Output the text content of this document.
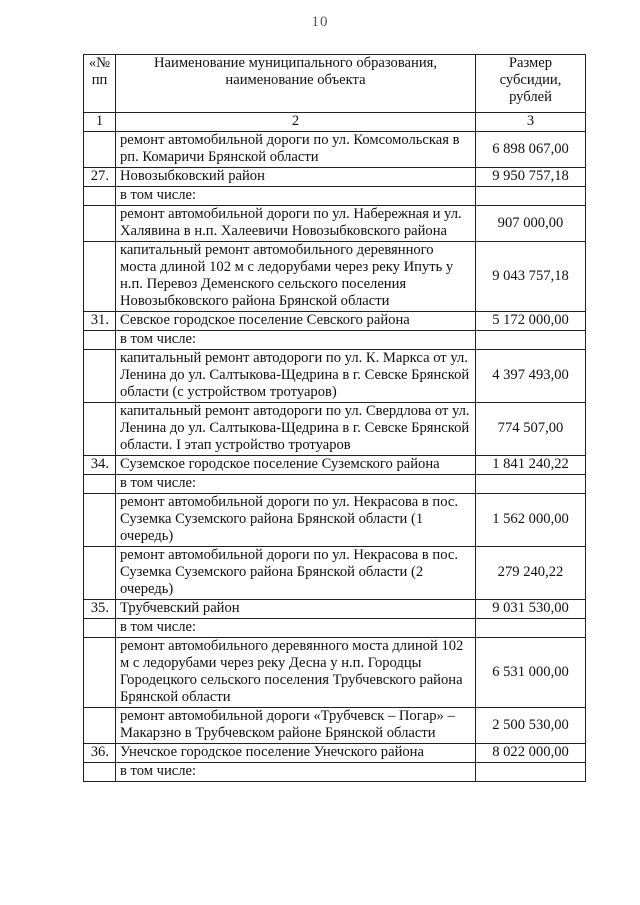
10
«№ пп	Наименование муниципального образования, наименование объекта	Размер субсидии, рублей
1	2	3
	ремонт автомобильной дороги по ул. Комсомольская в рп. Комаричи Брянской области	6 898 067,00
27.	Новозыбковский район	9 950 757,18
	в том числе:	
	ремонт автомобильной дороги по ул. Набережная и ул. Халявина в н.п. Халеевичи Новозыбковского района	907 000,00
	капитальный ремонт автомобильного деревянного моста длиной 102 м с ледорубами через реку Ипуть у н.п. Перевоз Деменского сельского поселения Новозыбковского района Брянской области	9 043 757,18
31.	Севское городское поселение Севского района	5 172 000,00
	в том числе:	
	капитальный ремонт автодороги по ул. К. Маркса от ул. Ленина до ул. Салтыкова-Щедрина в г. Севске Брянской области (с устройством тротуаров)	4 397 493,00
	капитальный ремонт автодороги по ул. Свердлова от ул. Ленина до ул. Салтыкова-Щедрина в г. Севске Брянской области. I этап устройство тротуаров	774 507,00
34.	Суземское городское поселение Суземского района	1 841 240,22
	в том числе:	
	ремонт автомобильной дороги по ул. Некрасова в пос. Суземка Суземского района Брянской области (1 очередь)	1 562 000,00
	ремонт автомобильной дороги по ул. Некрасова в пос. Суземка Суземского района Брянской области (2 очередь)	279 240,22
35.	Трубчевский район	9 031 530,00
	в том числе:	
	ремонт автомобильного деревянного моста длиной 102 м с ледорубами через реку Десна у н.п. Городцы Городецкого сельского поселения Трубчевского района Брянской области	6 531 000,00
	ремонт автомобильной дороги «Трубчевск – Погар» – Макарзно в Трубчевском районе Брянской области	2 500 530,00
36.	Унечское городское поселение Унечского района	8 022 000,00
	в том числе:	
